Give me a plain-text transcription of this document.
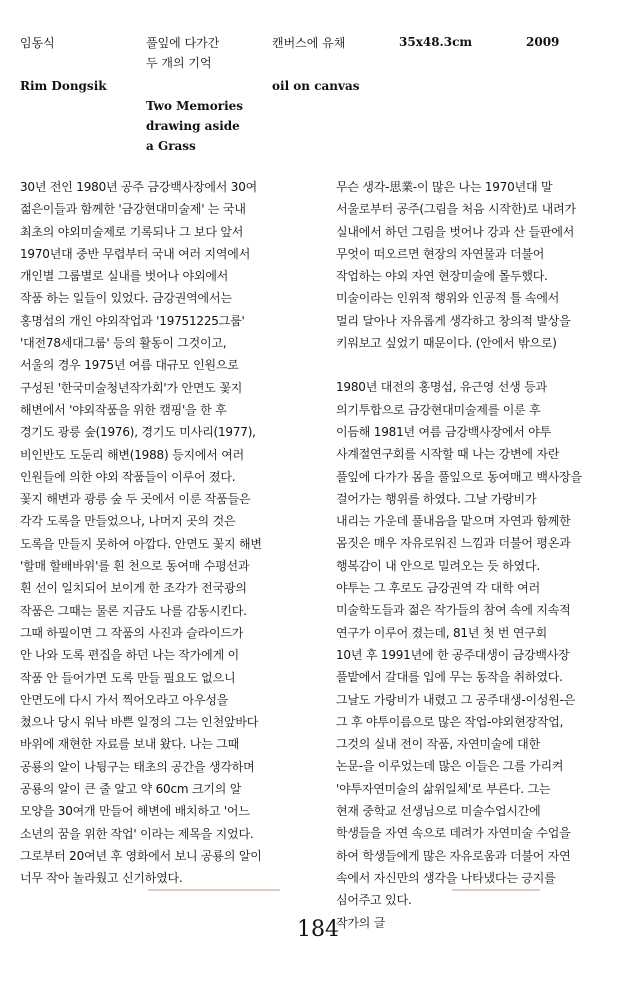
임동식
Rim Dongsik
풀잎에 다가간
두 개의 기억
Two Memories
drawing aside
a Grass
캔버스에 유채
oil on canvas
35x48.3cm	2009
30년 전인 1980년 공주 금강백사장에서 30여
젊은이들과 함께한 '금강현대미술제' 는 국내
최초의 야외미술제로 기록되나 그 보다 앞서
1970년대 중반 무렵부터 국내 여러 지역에서
개인별 그룹별로 실내를 벗어나 야외에서
작품 하는 일들이 있었다. 금강권역에서는
홍명섭의 개인 야외작업과 '19751225그룹'
'대전78세대그룹' 등의 활동이 그것이고,
서울의 경우 1975년 여름 대규모 인원으로
구성된 '한국미술청년작가회'가 안면도 꽃지
해변에서 '야외작품을 위한 캠핑'을 한 후
경기도 광릉 숲(1976), 경기도 미사리(1977),
비인반도 도둔리 해변(1988) 등지에서 여러
인원들에 의한 야외 작품들이 이루어 졌다.
꽃지 해변과 광릉 숲 두 곳에서 이룬 작품들은
각각 도록을 만들었으나, 나머지 곳의 것은
도록을 만들지 못하여 아깝다. 안면도 꽃지 해변
'할매 할배바위'를 흰 천으로 동여매 수평선과
흰 선이 일치되어 보이게 한 조각가 전국광의
작품은 그때는 물론 지금도 나를 감동시킨다.
그때 하필이면 그 작품의 사진과 슬라이드가
안 나와 도록 편집을 하던 나는 작가에게 이
작품 안 들어가면 도록 만들 필요도 없으니
안면도에 다시 가서 찍어오라고 아우성을
쳤으나 당시 워낙 바쁜 일정의 그는 인천앞바다
바위에 재현한 자료를 보내 왔다. 나는 그때
공룡의 알이 나뒹구는 태초의 공간을 생각하며
공룡의 알이 큰 줄 알고 약 60cm 크기의 알
모양을 30여개 만들어 해변에 배치하고 '어느
소년의 꿈을 위한 작업' 이라는 제목을 지었다.
그로부터 20여년 후 영화에서 보니 공룡의 알이
너무 작아 놀라웠고 신기하였다.
무슨 생각-思業-이 많은 나는 1970년대 말
서울로부터 공주(그림을 처음 시작한)로 내려가
실내에서 하던 그림을 벗어나 강과 산 들판에서
무엇이 떠오르면 현장의 자연물과 더불어
작업하는 야외 자연 현장미술에 몰두했다.
미술이라는 인위적 행위와 인공적 틀 속에서
멀리 달아나 자유롭게 생각하고 창의적 발상을
키워보고 싶었기 때문이다. (안에서 밖으로)
1980년 대전의 홍명섭, 유근영 선생 등과
의기투합으로 금강현대미술제를 이룬 후
이듬해 1981년 여름 금강백사장에서 야투
사계절연구회를 시작할 때 나는 강변에 자란
풀잎에 다가가 몸을 풀잎으로 동여매고 백사장을
걸어가는 행위를 하였다. 그날 가랑비가
내리는 가운데 풀내음을 맡으며 자연과 함께한
몸짓은 매우 자유로워진 느낌과 더불어 평온과
행복감이 내 안으로 밀려오는 듯 하였다.
야투는 그 후로도 금강권역 각 대학 여러
미술학도들과 젊은 작가들의 참여 속에 지속적
연구가 이루어 졌는데, 81년 첫 번 연구회
10년 후 1991년에 한 공주대생이 금강백사장
풀밭에서 갈대를 입에 무는 동작을 취하였다.
그날도 가랑비가 내렸고 그 공주대생-이성원-은
그 후 야투이름으로 많은 작업-야외현장작업,
그것의 실내 전이 작품, 자연미술에 대한
논문-을 이루었는데 많은 이들은 그를 가리켜
'야투자연미술의 삶위일체'로 부른다. 그는
현재 중학교 선생님으로 미술수업시간에
학생들을 자연 속으로 데려가 자연미술 수업을
하여 학생들에게 많은 자유로움과 더불어 자연
속에서 자신만의 생각을 나타냈다는 긍지를
심어주고 있다.
작가의 글
184
